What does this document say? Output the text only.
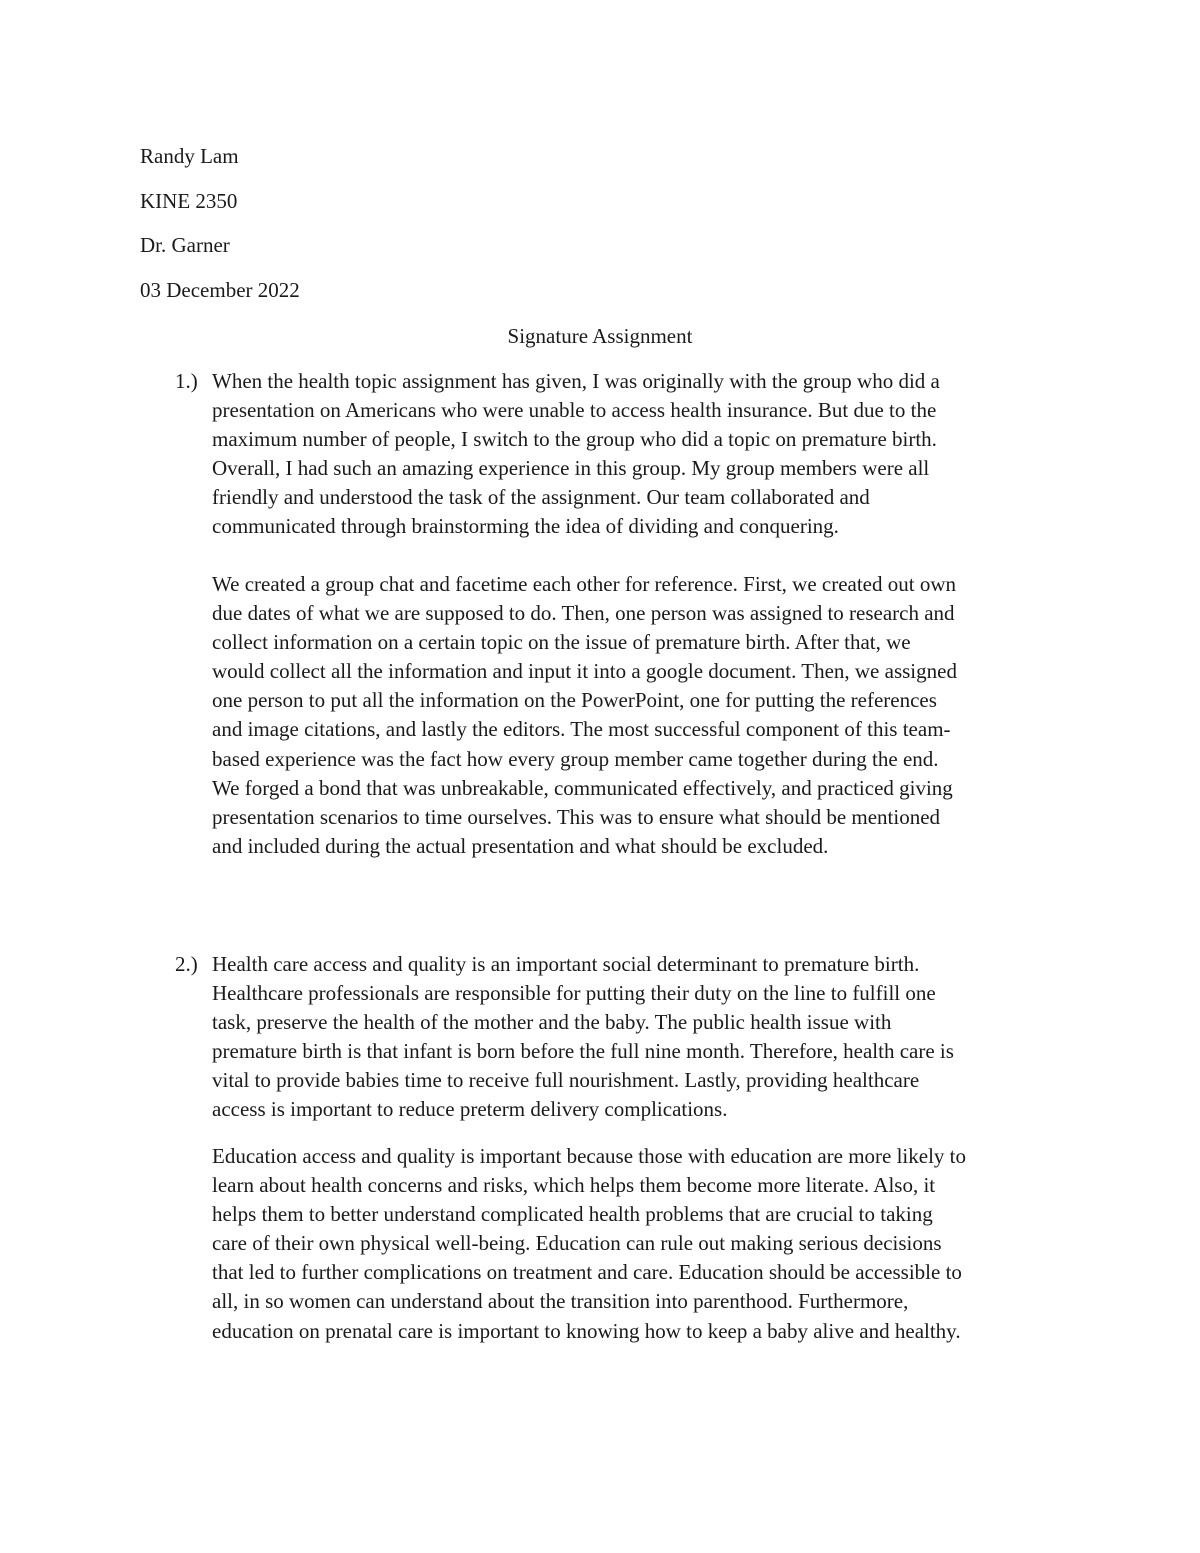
Randy Lam
KINE 2350
Dr. Garner
03 December 2022
Signature Assignment
1.) When the health topic assignment has given, I was originally with the group who did a
presentation on Americans who were unable to access health insurance. But due to the
maximum number of people, I switch to the group who did a topic on premature birth.
Overall, I had such an amazing experience in this group. My group members were all
friendly and understood the task of the assignment. Our team collaborated and
communicated through brainstorming the idea of dividing and conquering.
We created a group chat and facetime each other for reference. First, we created out own
due dates of what we are supposed to do. Then, one person was assigned to research and
collect information on a certain topic on the issue of premature birth. After that, we
would collect all the information and input it into a google document. Then, we assigned
one person to put all the information on the PowerPoint, one for putting the references
and image citations, and lastly the editors. The most successful component of this team-
based experience was the fact how every group member came together during the end.
We forged a bond that was unbreakable, communicated effectively, and practiced giving
presentation scenarios to time ourselves. This was to ensure what should be mentioned
and included during the actual presentation and what should be excluded.
2.) Health care access and quality is an important social determinant to premature birth.
Healthcare professionals are responsible for putting their duty on the line to fulfill one
task, preserve the health of the mother and the baby. The public health issue with
premature birth is that infant is born before the full nine month. Therefore, health care is
vital to provide babies time to receive full nourishment. Lastly, providing healthcare
access is important to reduce preterm delivery complications.
Education access and quality is important because those with education are more likely to
learn about health concerns and risks, which helps them become more literate. Also, it
helps them to better understand complicated health problems that are crucial to taking
care of their own physical well-being. Education can rule out making serious decisions
that led to further complications on treatment and care. Education should be accessible to
all, in so women can understand about the transition into parenthood. Furthermore,
education on prenatal care is important to knowing how to keep a baby alive and healthy.
